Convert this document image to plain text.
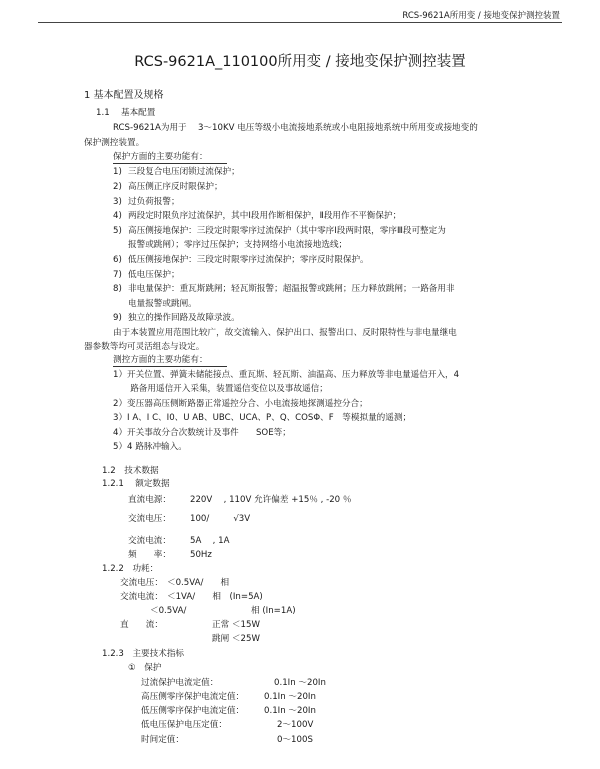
RCS-9621A所用变 / 接地变保护测控装置
RCS-9621A_110100所用变 / 接地变保护测控装置
1 基本配置及规格
1.1　 基本配置
RCS-9621A为用于　 3～10KV 电压等级小电流接地系统或小电阻接地系统中所用变或接地变的
保护测控装置。
保护方面的主要功能有：
1) 三段复合电压闭锁过流保护；
2) 高压侧正序反时限保护；
3) 过负荷报警；
4) 两段定时限负序过流保护，其中Ⅰ段用作断相保护，Ⅱ段用作不平衡保护；
5) 高压侧接地保护：三段定时限零序过流保护（其中零序Ⅰ段两时限，零序Ⅲ段可整定为
报警或跳闸）；零序过压保护；支持网络小电流接地选线；
6) 低压侧接地保护：三段定时限零序过流保护；零序反时限保护。
7) 低电压保护；
8) 非电量保护：重瓦斯跳闸；轻瓦斯报警；超温报警或跳闸；压力释放跳闸；一路备用非
电量报警或跳闸。
9) 独立的操作回路及故障录波。
由于本装置应用范围比较广，故交流输入、保护出口、报警出口、反时限特性与非电量继电
器参数等均可灵活组态与设定。
测控方面的主要功能有：
1）开关位置、弹簧未储能接点、重瓦斯、轻瓦斯、油温高、压力释放等非电量遥信开入，4
　　路备用遥信开入采集，装置遥信变位以及事故遥信；
2）变压器高压侧断路器正常遥控分合、小电流接地探测遥控分合；
3）I A、I C、I0、U AB、UBC、UCA、P、Q、COSΦ、F　等模拟量的遥测；
4）开关事故分合次数统计及事件　　SOE等；
5）4 路脉冲输入。
1.2　技术数据
1.2.1　 额定数据
直流电源： 220V　 , 110V 允许偏差 +15％ , -20 ％
交流电压： 100/	√3V
交流电流： 5A　 , 1A
频　　率： 50Hz
1.2.2　功耗：
交流电压： ＜0.5VA/　　相
交流电流： ＜1VA/　　相　(In=5A)
＜0.5VA/	相 (In=1A)
直　　流：	正常 ＜15W
跳闸 ＜25W
1.2.3　主要技术指标
①　保护
过流保护电流定值：	0.1In ～20In
高压侧零序保护电流定值： 0.1In ～20In
低压侧零序保护电流定值： 0.1In ～20In
低电压保护电压定值：	2～100V
时间定值：	0～100S
